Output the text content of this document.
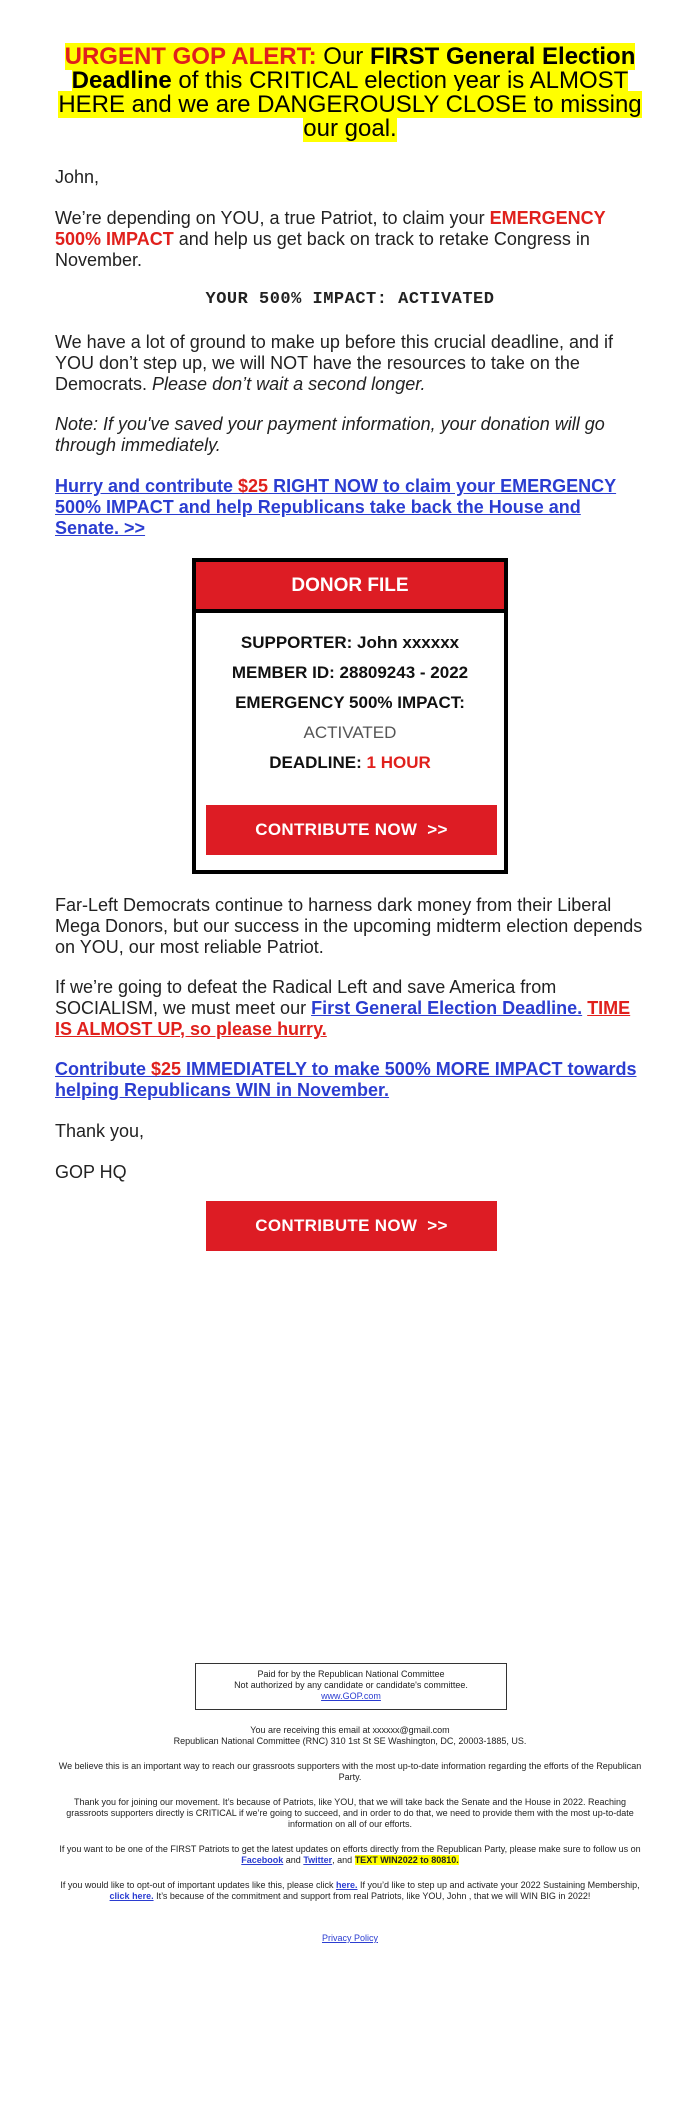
URGENT GOP ALERT: Our FIRST General Election Deadline of this CRITICAL election year is ALMOST HERE and we are DANGEROUSLY CLOSE to missing our goal.

John,

We’re depending on YOU, a true Patriot, to claim your EMERGENCY 500% IMPACT and help us get back on track to retake Congress in November.

YOUR 500% IMPACT: ACTIVATED

We have a lot of ground to make up before this crucial deadline, and if YOU don’t step up, we will NOT have the resources to take on the Democrats. Please don’t wait a second longer.

Note: If you've saved your payment information, your donation will go through immediately.

Hurry and contribute $25 RIGHT NOW to claim your EMERGENCY 500% IMPACT and help Republicans take back the House and Senate. >>

DONOR FILE
SUPPORTER: John xxxxxx
MEMBER ID: 28809243 - 2022
EMERGENCY 500% IMPACT:
ACTIVATED
DEADLINE: 1 HOUR
CONTRIBUTE NOW  >>

Far-Left Democrats continue to harness dark money from their Liberal Mega Donors, but our success in the upcoming midterm election depends on YOU, our most reliable Patriot.

If we’re going to defeat the Radical Left and save America from SOCIALISM, we must meet our First General Election Deadline. TIME IS ALMOST UP, so please hurry.

Contribute $25 IMMEDIATELY to make 500% MORE IMPACT towards helping Republicans WIN in November.

Thank you,

GOP HQ

CONTRIBUTE NOW  >>
Paid for by the Republican National Committee
Not authorized by any candidate or candidate's committee.
www.GOP.com

You are receiving this email at xxxxxx@gmail.com
Republican National Committee (RNC) 310 1st St SE Washington, DC, 20003-1885, US.

We believe this is an important way to reach our grassroots supporters with the most up-to-date information regarding the efforts of the Republican Party.

Thank you for joining our movement. It’s because of Patriots, like YOU, that we will take back the Senate and the House in 2022. Reaching grassroots supporters directly is CRITICAL if we’re going to succeed, and in order to do that, we need to provide them with the most up-to-date information on all of our efforts.

If you want to be one of the FIRST Patriots to get the latest updates on efforts directly from the Republican Party, please make sure to follow us on Facebook and Twitter, and TEXT WIN2022 to 80810.

If you would like to opt-out of important updates like this, please click here. If you’d like to step up and activate your 2022 Sustaining Membership, click here. It’s because of the commitment and support from real Patriots, like YOU, John , that we will WIN BIG in 2022!

Privacy Policy
